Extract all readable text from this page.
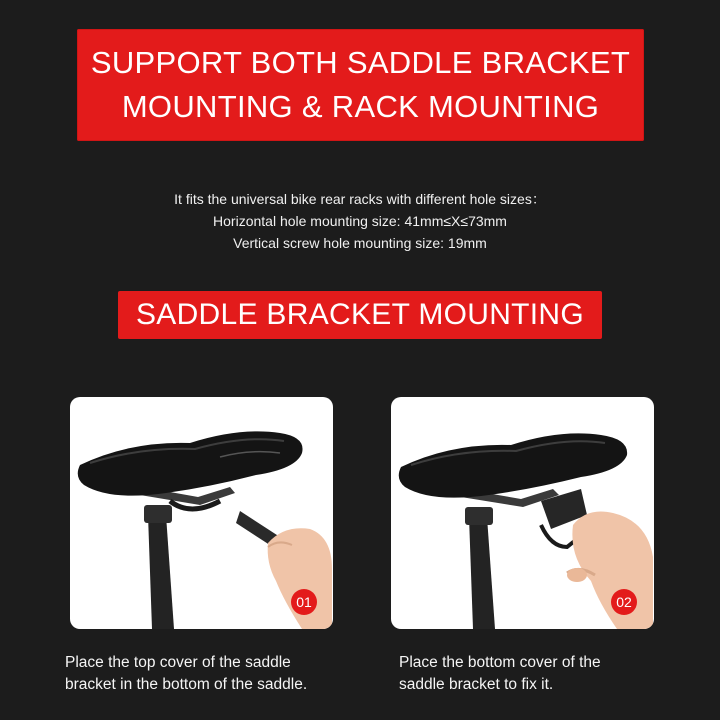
SUPPORT BOTH SADDLE BRACKET
MOUNTING & RACK MOUNTING
It fits the universal bike rear racks with different hole sizes：
Horizontal hole mounting size: 41mm≤X≤73mm
Vertical screw hole mounting size: 19mm
SADDLE BRACKET MOUNTING
01	02
Place the top cover of the saddle
bracket in the bottom of the saddle.
Place the bottom cover of the
saddle bracket to fix it.
